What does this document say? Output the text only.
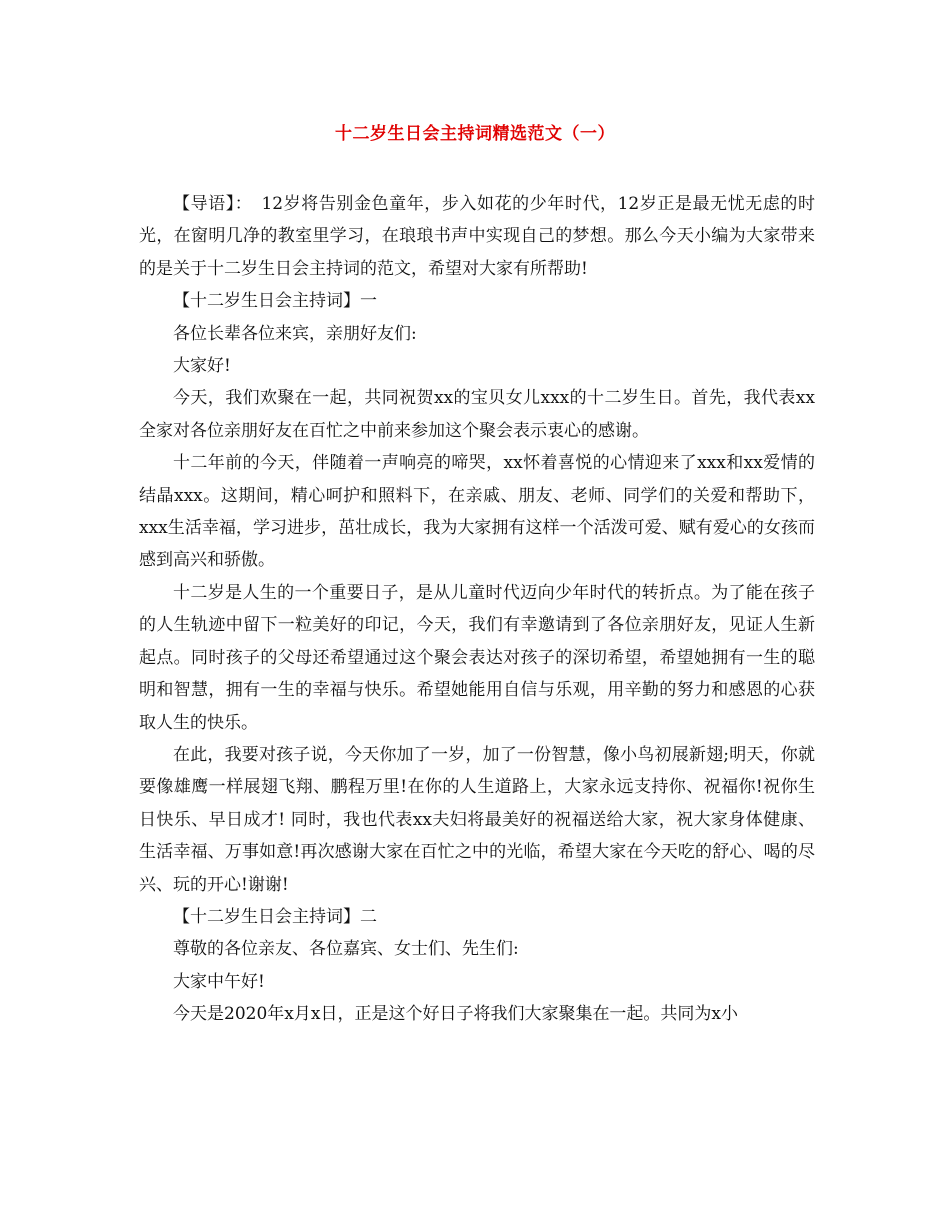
十二岁生日会主持词精选范文（一）

【导语】：　12岁将告别金色童年，步入如花的少年时代，12岁正是最无忧无虑的时光，在窗明几净的教室里学习，在琅琅书声中实现自己的梦想。那么今天小编为大家带来的是关于十二岁生日会主持词的范文，希望对大家有所帮助!

【十二岁生日会主持词】一

各位长辈各位来宾，亲朋好友们:

大家好!

今天，我们欢聚在一起，共同祝贺xx的宝贝女儿xxx的十二岁生日。首先，我代表xx全家对各位亲朋好友在百忙之中前来参加这个聚会表示衷心的感谢。

十二年前的今天，伴随着一声响亮的啼哭，xx怀着喜悦的心情迎来了xxx和xx爱情的结晶xxx。这期间，精心呵护和照料下，在亲戚、朋友、老师、同学们的关爱和帮助下，xxx生活幸福，学习进步，茁壮成长，我为大家拥有这样一个活泼可爱、赋有爱心的女孩而感到高兴和骄傲。

十二岁是人生的一个重要日子，是从儿童时代迈向少年时代的转折点。为了能在孩子的人生轨迹中留下一粒美好的印记，今天，我们有幸邀请到了各位亲朋好友，见证人生新起点。同时孩子的父母还希望通过这个聚会表达对孩子的深切希望，希望她拥有一生的聪明和智慧，拥有一生的幸福与快乐。希望她能用自信与乐观，用辛勤的努力和感恩的心获取人生的快乐。

在此，我要对孩子说，今天你加了一岁，加了一份智慧，像小鸟初展新翅;明天，你就要像雄鹰一样展翅飞翔、鹏程万里!在你的人生道路上，大家永远支持你、祝福你!祝你生日快乐、早日成才! 同时，我也代表xx夫妇将最美好的祝福送给大家，祝大家身体健康、生活幸福、万事如意!再次感谢大家在百忙之中的光临，希望大家在今天吃的舒心、喝的尽兴、玩的开心!谢谢!

【十二岁生日会主持词】二

尊敬的各位亲友、各位嘉宾、女士们、先生们:

大家中午好!

今天是2020年x月x日，正是这个好日子将我们大家聚集在一起。共同为x小
